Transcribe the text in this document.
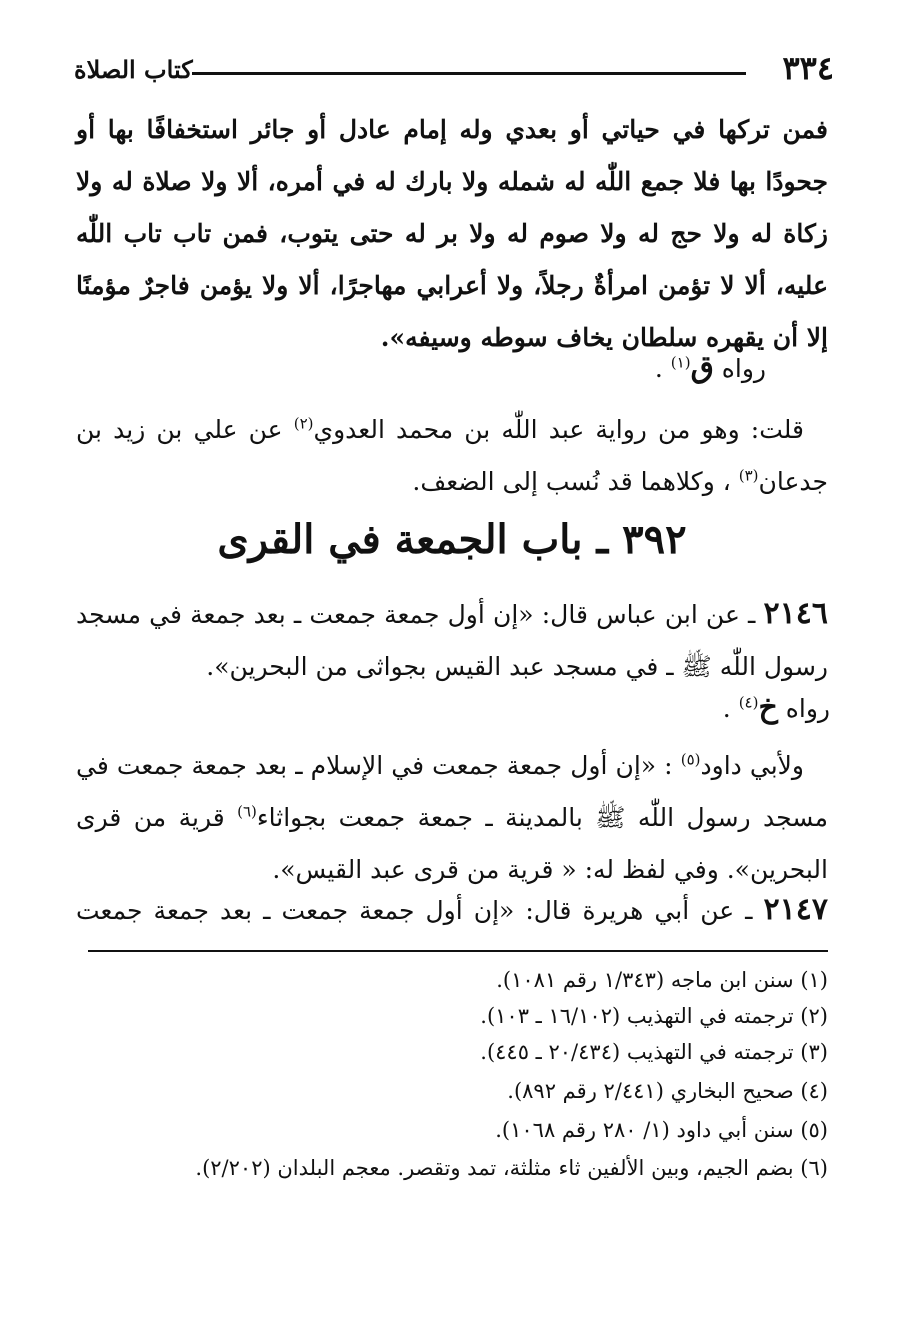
٣٣٤
كتاب الصلاة
فمن تركها في حياتي أو بعدي وله إمام عادل أو جائر استخفافًا بها أو جحودًا بها فلا جمع اللّٰه له شمله ولا بارك له في أمره، ألا ولا صلاة له ولا زكاة له ولا حج له ولا صوم له ولا بر له حتى يتوب، فمن تاب تاب اللّٰه عليه، ألا لا تؤمن امرأةٌ رجلاً، ولا أعرابي مهاجرًا، ألا ولا يؤمن فاجرٌ مؤمنًا إلا أن يقهره سلطان يخاف سوطه وسيفه».
رواه ق$^{(١)}$ .
قلت: وهو من رواية عبد اللّٰه بن محمد العدوي$^{(٢)}$ عن علي بن زيد بن جدعان$^{(٣)}$ ، وكلاهما قد نُسب إلى الضعف.
٣٩٢ ـ باب الجمعة في القرى
٢١٤٦ ـ عن ابن عباس قال: «إن أول جمعة جمعت ـ بعد جمعة في مسجد رسول اللّٰه ﷺ ـ في مسجد عبد القيس بجواثى من البحرين».
رواه خ$^{(٤)}$ .
ولأبي داود$^{(٥)}$ : «إن أول جمعة جمعت في الإسلام ـ بعد جمعة جمعت في مسجد رسول اللّٰه ﷺ بالمدينة ـ جمعة جمعت بجواثاء$^{(٦)}$ قرية من قرى البحرين». وفي لفظ له: « قرية من قرى عبد القيس».
٢١٤٧ ـ عن أبي هريرة قال: «إن أول جمعة جمعت ـ بعد جمعة جمعت
(١) سنن ابن ماجه (١/٣٤٣ رقم ١٠٨١).
(٢) ترجمته في التهذيب (١٦/١٠٢ ـ ١٠٣).
(٣) ترجمته في التهذيب (٢٠/٤٣٤ ـ ٤٤٥).
(٤) صحيح البخاري (٢/٤٤١ رقم ٨٩٢).
(٥) سنن أبي داود (١/ ٢٨٠ رقم ١٠٦٨).
(٦) بضم الجيم، وبين الألفين ثاء مثلثة، تمد وتقصر. معجم البلدان (٢/٢٠٢).
